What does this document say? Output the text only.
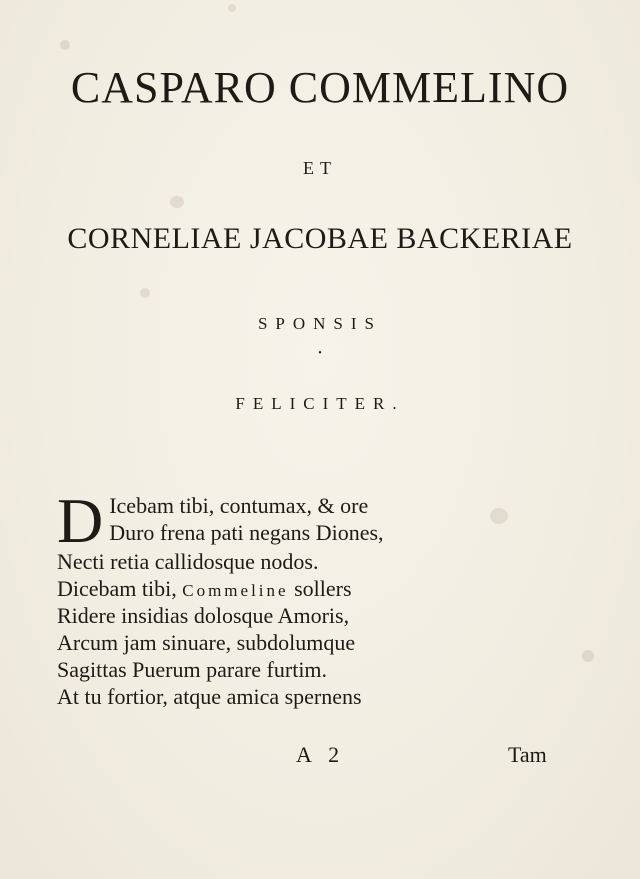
CASPARO COMMELINO
ET
CORNELIAE JACOBAE BACKERIAE
SPONSIS
•
FELICITER.
D Icebam tibi, contumax, & ore
Duro frena pati negans Diones,
Necti retia callidosque nodos.
Dicebam tibi, Commeline sollers
Ridere insidias dolosque Amoris,
Arcum jam sinuare, subdolumque
Sagittas Puerum parare furtim.
At tu fortior, atque amica spernens
A 2	Tam
